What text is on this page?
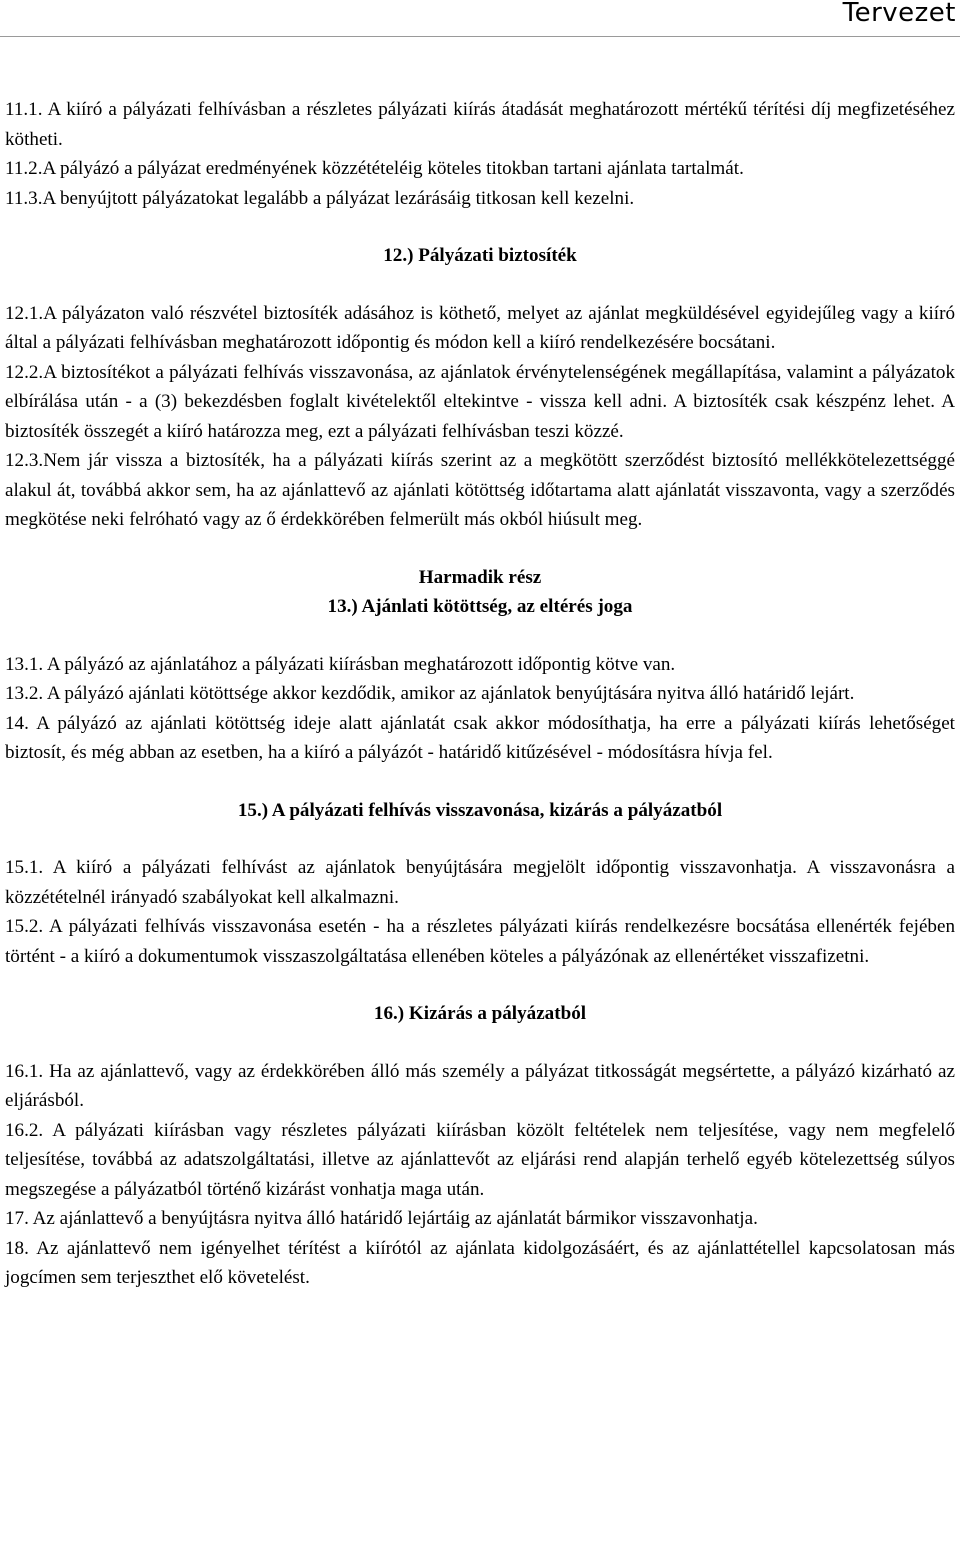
Tervezet

11.1. A kiíró a pályázati felhívásban a részletes pályázati kiírás átadását meghatározott mértékű térítési díj megfizetéséhez kötheti.

11.2.A pályázó a pályázat eredményének közzétételéig köteles titokban tartani ajánlata tartalmát.

11.3.A benyújtott pályázatokat legalább a pályázat lezárásáig titkosan kell kezelni.

12.) Pályázati biztosíték

12.1.A pályázaton való részvétel biztosíték adásához is köthető, melyet az ajánlat megküldésével egyidejűleg vagy a kiíró által a pályázati felhívásban meghatározott időpontig és módon kell a kiíró rendelkezésére bocsátani.

12.2.A biztosítékot a pályázati felhívás visszavonása, az ajánlatok érvénytelenségének megállapítása, valamint a pályázatok elbírálása után - a (3) bekezdésben foglalt kivételektől eltekintve - vissza kell adni. A biztosíték csak készpénz lehet. A biztosíték összegét a kiíró határozza meg, ezt a pályázati felhívásban teszi közzé.

12.3.Nem jár vissza a biztosíték, ha a pályázati kiírás szerint az a megkötött szerződést biztosító mellékkötelezettséggé alakul át, továbbá akkor sem, ha az ajánlattevő az ajánlati kötöttség időtartama alatt ajánlatát visszavonta, vagy a szerződés megkötése neki felróható vagy az ő érdekkörében felmerült más okból hiúsult meg.

Harmadik rész

13.) Ajánlati kötöttség, az eltérés joga

13.1. A pályázó az ajánlatához a pályázati kiírásban meghatározott időpontig kötve van.

13.2. A pályázó ajánlati kötöttsége akkor kezdődik, amikor az ajánlatok benyújtására nyitva álló határidő lejárt.

14. A pályázó az ajánlati kötöttség ideje alatt ajánlatát csak akkor módosíthatja, ha erre a pályázati kiírás lehetőséget biztosít, és még abban az esetben, ha a kiíró a pályázót - határidő kitűzésével - módosításra hívja fel.

15.) A pályázati felhívás visszavonása, kizárás a pályázatból

15.1. A kiíró a pályázati felhívást az ajánlatok benyújtására megjelölt időpontig visszavonhatja. A visszavonásra a közzétételnél irányadó szabályokat kell alkalmazni.

15.2. A pályázati felhívás visszavonása esetén - ha a részletes pályázati kiírás rendelkezésre bocsátása ellenérték fejében történt - a kiíró a dokumentumok visszaszolgáltatása ellenében köteles a pályázónak az ellenértéket visszafizetni.

16.) Kizárás a pályázatból

16.1. Ha az ajánlattevő, vagy az érdekkörében álló más személy a pályázat titkosságát megsértette, a pályázó kizárható az eljárásból.

16.2. A pályázati kiírásban vagy részletes pályázati kiírásban közölt feltételek nem teljesítése, vagy nem megfelelő teljesítése, továbbá az adatszolgáltatási, illetve az ajánlattevőt az eljárási rend alapján terhelő egyéb kötelezettség súlyos megszegése a pályázatból történő kizárást vonhatja maga után.

17. Az ajánlattevő a benyújtásra nyitva álló határidő lejártáig az ajánlatát bármikor visszavonhatja.

18. Az ajánlattevő nem igényelhet térítést a kiírótól az ajánlata kidolgozásáért, és az ajánlattétellel kapcsolatosan más jogcímen sem terjeszthet elő követelést.
